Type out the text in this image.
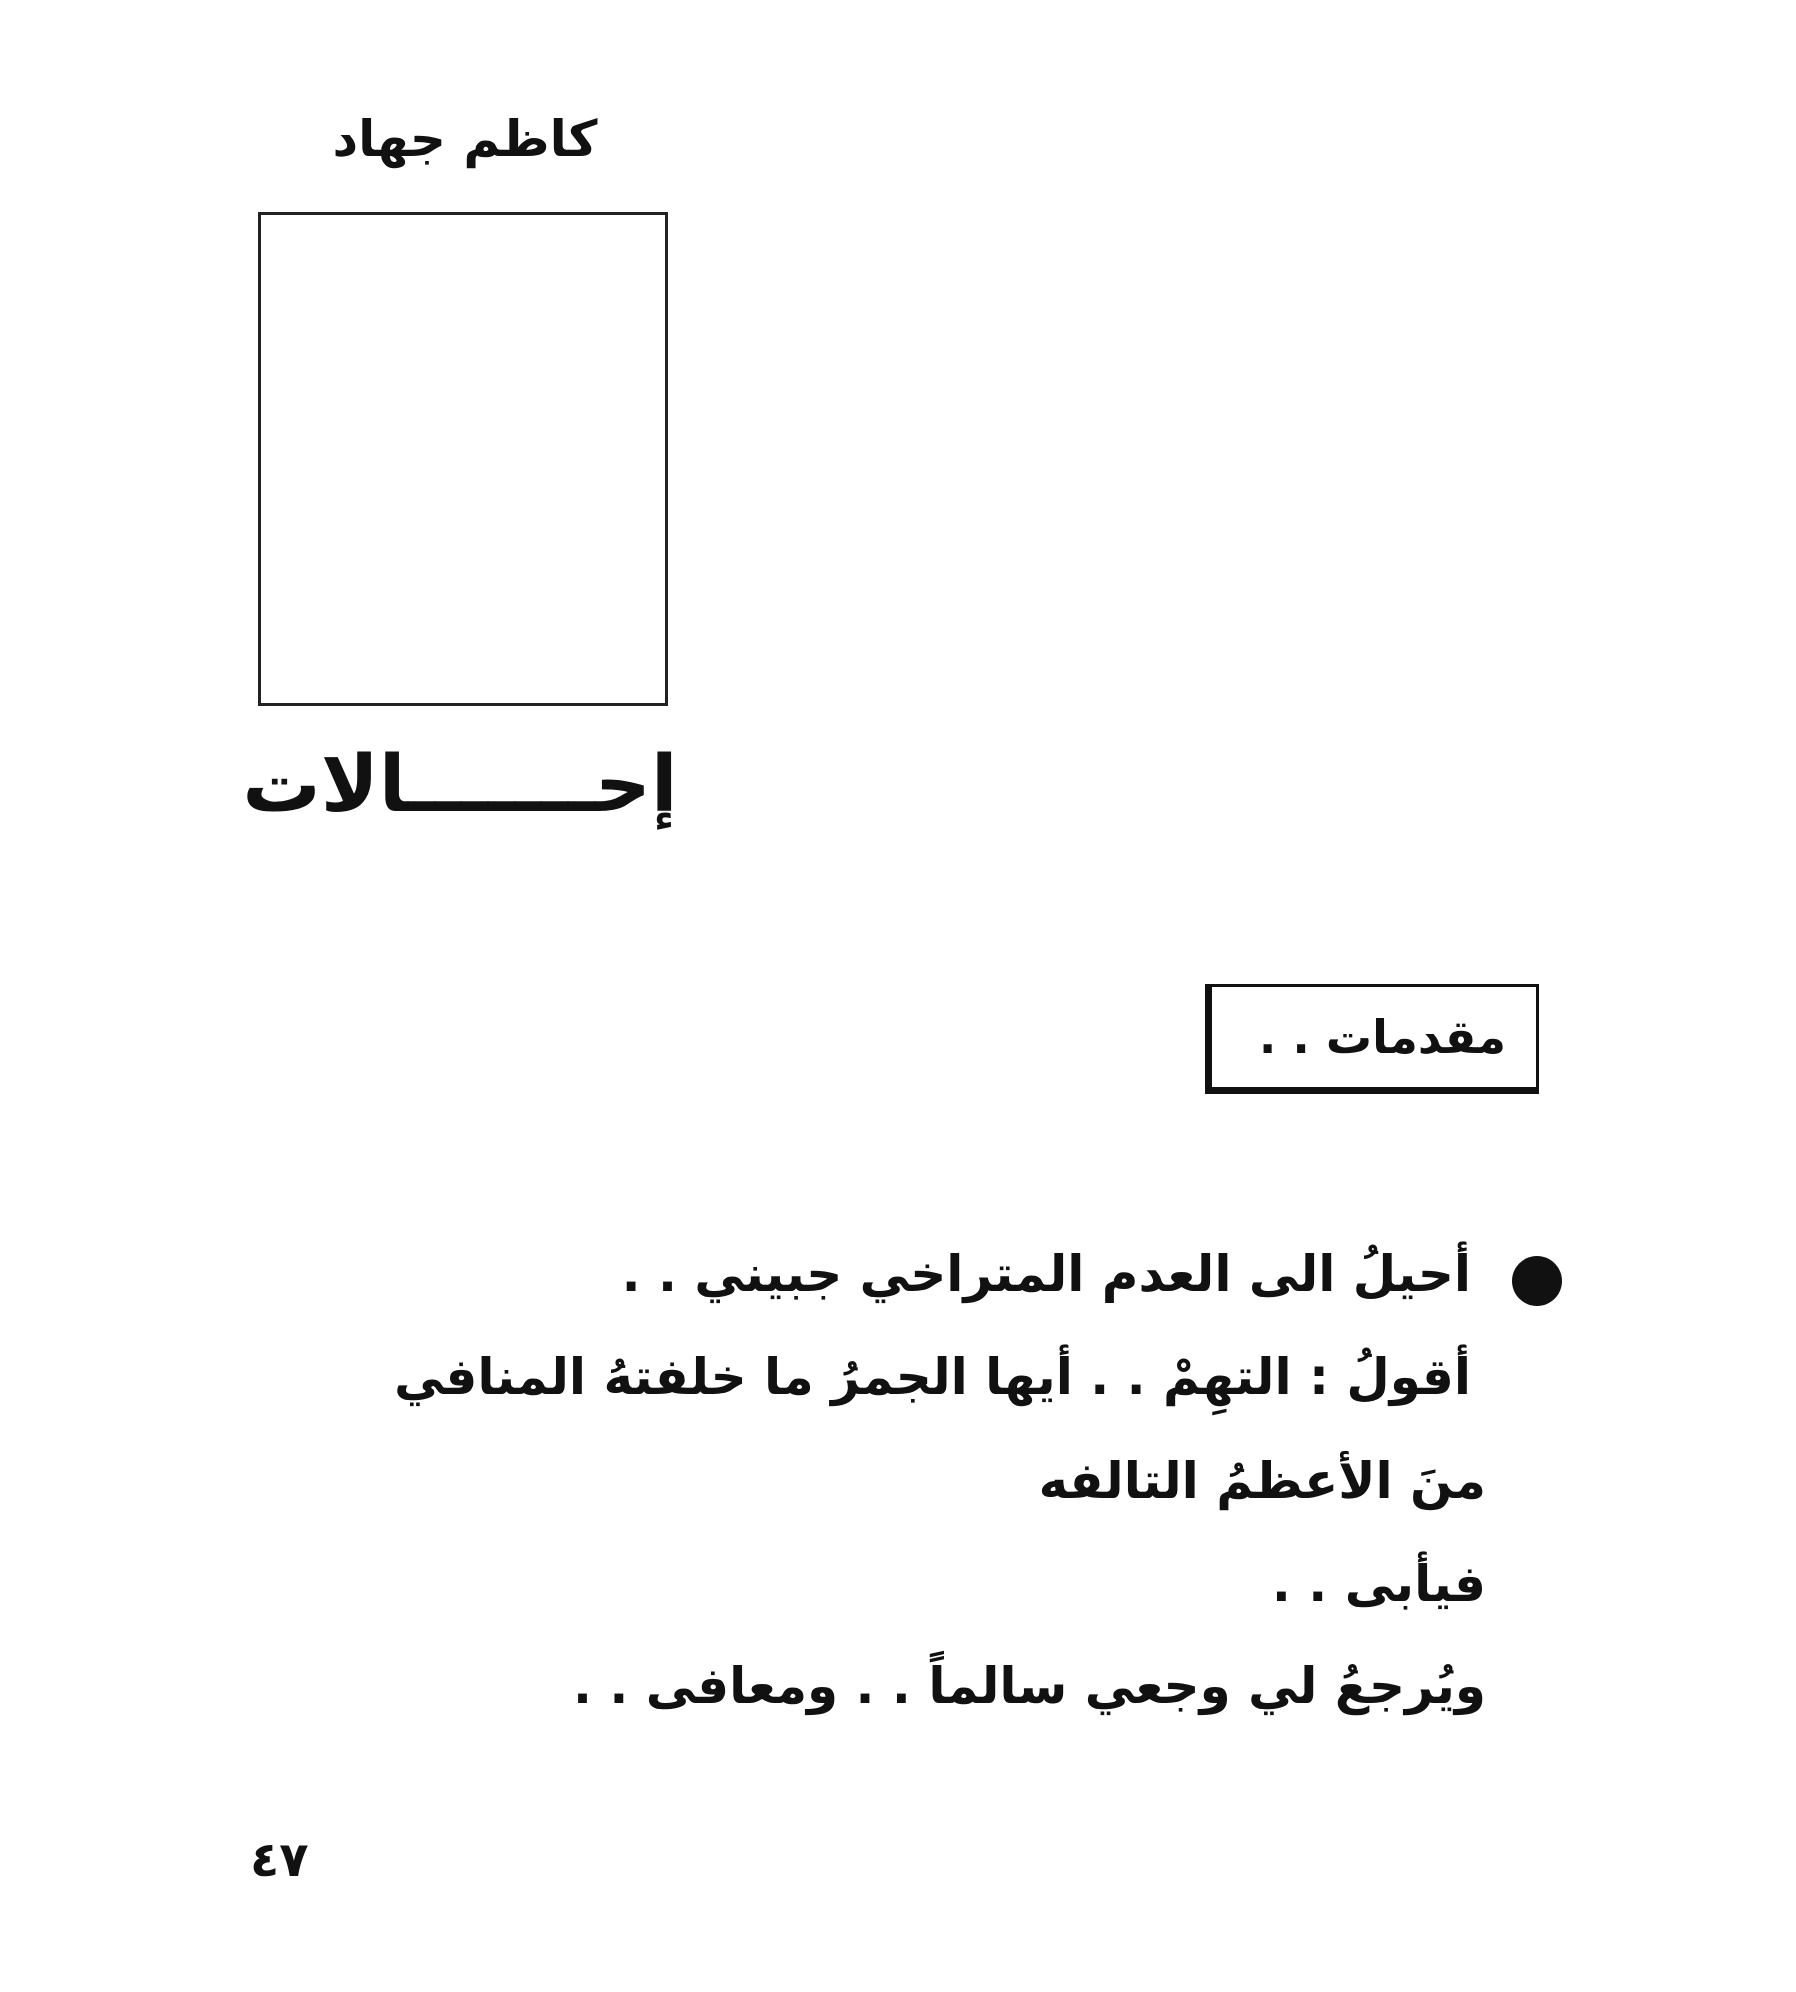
كاظم جهاد
إحـــــــالات
مقدمات . .
أحيلُ الى العدم المتراخي جبيني . .
أقولُ : التهِمْ . . أيها الجمرُ ما خلفتهُ المنافي
منَ الأعظمُ التالفه
فيأبى . .
ويُرجعُ لي وجعي سالماً . . ومعافى . .
٤٧
